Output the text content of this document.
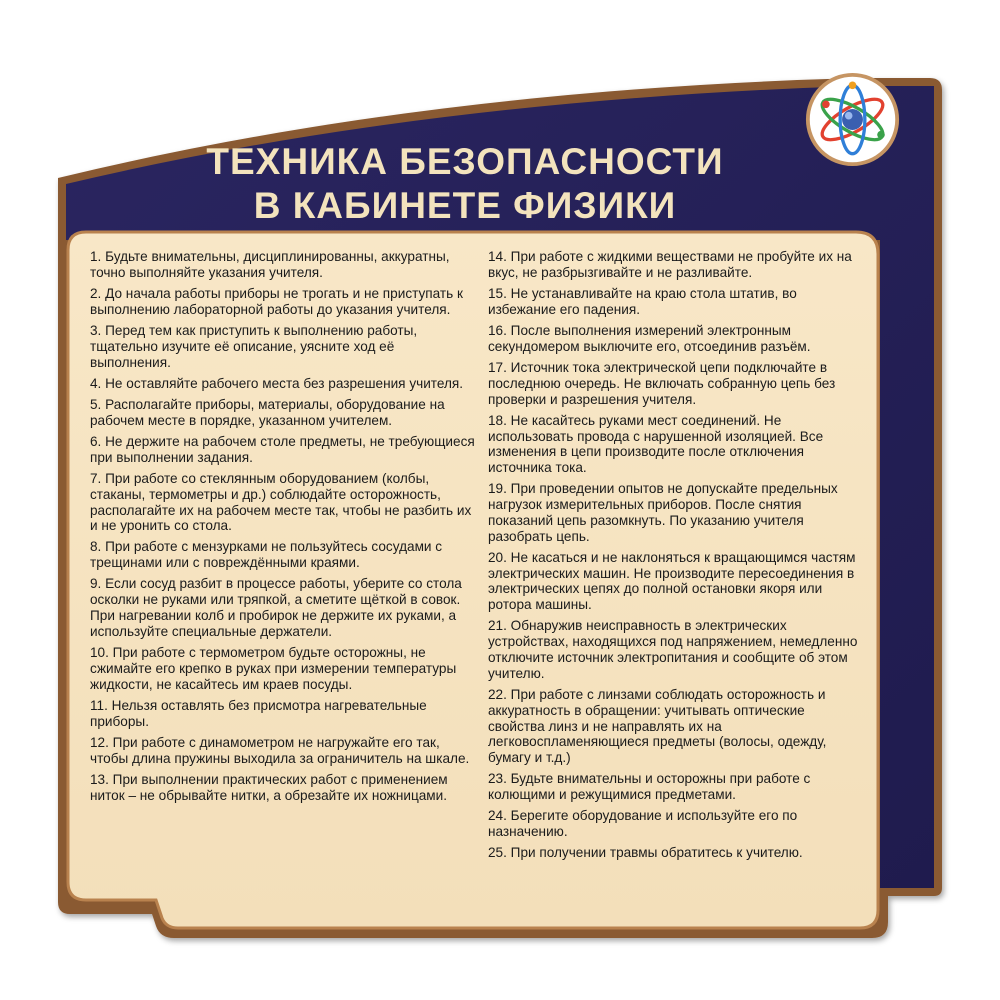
ТЕХНИКА БЕЗОПАСНОСТИ
В КАБИНЕТЕ ФИЗИКИ
1. Будьте внимательны, дисциплинированны, аккуратны, точно выполняйте указания учителя.
2. До начала работы приборы не трогать и не приступать к выполнению лабораторной работы до указания учителя.
3. Перед тем как приступить к выполнению работы, тщательно изучите её описание, уясните ход её выполнения.
4. Не оставляйте рабочего места без разрешения учителя.
5. Располагайте приборы, материалы, оборудование на рабочем месте в порядке, указанном учителем.
6. Не держите на рабочем столе предметы, не требующиеся при выполнении задания.
7. При работе со стеклянным оборудованием (колбы, стаканы, термометры и др.) соблюдайте осторожность, располагайте их на рабочем месте так, чтобы не разбить их и не уронить со стола.
8. При работе с мензурками не пользуйтесь сосудами с трещинами или с повреждёнными краями.
9. Если сосуд разбит в процессе работы, уберите со стола осколки не руками или тряпкой, а сметите щёткой в совок. При нагревании колб и пробирок не держите их руками, а используйте специальные держатели.
10. При работе с термометром будьте осторожны, не сжимайте его крепко в руках при измерении температуры жидкости, не касайтесь им краев посуды.
11. Нельзя оставлять без присмотра нагревательные приборы.
12. При работе с динамометром не нагружайте его так, чтобы длина пружины выходила за ограничитель на шкале.
13. При выполнении практических работ с применением ниток – не обрывайте нитки, а обрезайте их ножницами.
14. При работе с жидкими веществами не пробуйте их на вкус, не разбрызгивайте и не разливайте.
15. Не устанавливайте на краю стола штатив, во избежание его падения.
16. После выполнения измерений электронным секундомером выключите его, отсоединив разъём.
17. Источник тока электрической цепи подключайте в последнюю очередь. Не включать собранную цепь без проверки и разрешения учителя.
18. Не касайтесь руками мест соединений. Не использовать провода с нарушенной изоляцией. Все изменения в цепи производите после отключения источника тока.
19. При проведении опытов не допускайте предельных нагрузок измерительных приборов. После снятия показаний цепь разомкнуть. По указанию учителя разобрать цепь.
20. Не касаться и не наклоняться к вращающимся частям электрических машин. Не производите пересоединения в электрических цепях до полной остановки якоря или ротора машины.
21. Обнаружив неисправность в электрических устройствах, находящихся под напряжением, немедленно отключите источник электропитания и сообщите об этом учителю.
22. При работе с линзами соблюдать осторожность и аккуратность в обращении: учитывать оптические свойства линз и не направлять их на легковоспламеняющиеся предметы (волосы, одежду, бумагу и т.д.)
23. Будьте внимательны и осторожны при работе с колющими и режущимися предметами.
24. Берегите оборудование и используйте его по назначению.
25. При получении травмы обратитесь к учителю.
